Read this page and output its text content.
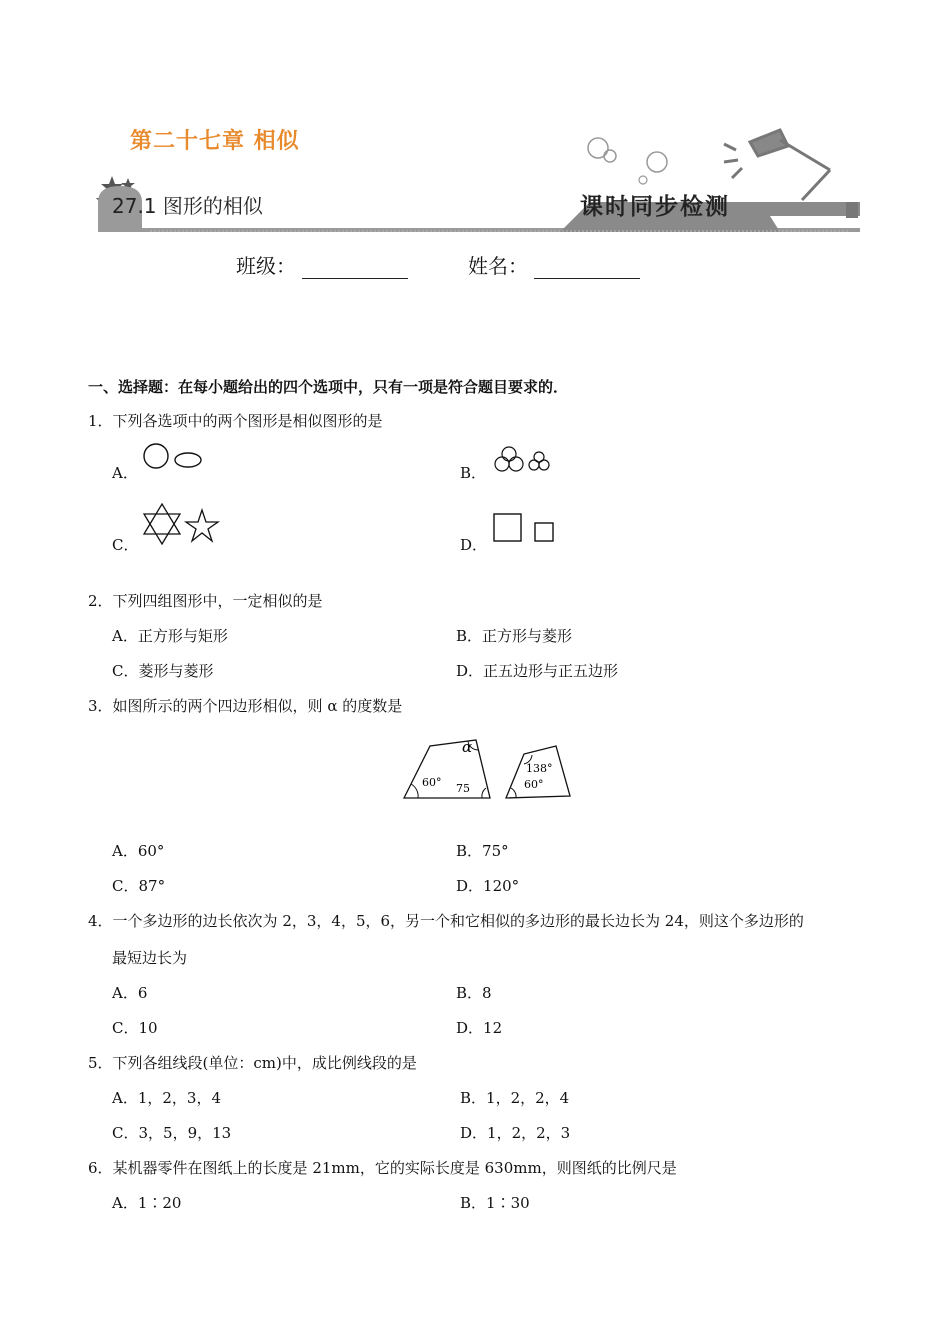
第二十七章 相似
27.1 图形的相似	课时同步检测
班级：	姓名：
一、选择题：在每小题给出的四个选项中，只有一项是符合题目要求的．
1．下列各选项中的两个图形是相似图形的是
A．	B．
C．	D．
2．下列四组图形中，一定相似的是
A．正方形与矩形	B．正方形与菱形
C．菱形与菱形	D．正五边形与正五边形
3．如图所示的两个四边形相似，则 α 的度数是
α
60° 75
138°
60°
A．60°	B．75°
C．87°	D．120°
4．一个多边形的边长依次为 2，3，4，5，6，另一个和它相似的多边形的最长边长为 24，则这个多边形的
最短边长为
A．6	B．8
C．10	D．12
5．下列各组线段(单位：cm)中，成比例线段的是
A．1，2，3，4	B．1，2，2，4
C．3，5，9，13	D．1，2，2，3
6．某机器零件在图纸上的长度是 21mm，它的实际长度是 630mm，则图纸的比例尺是
A．1∶20	B．1∶30
